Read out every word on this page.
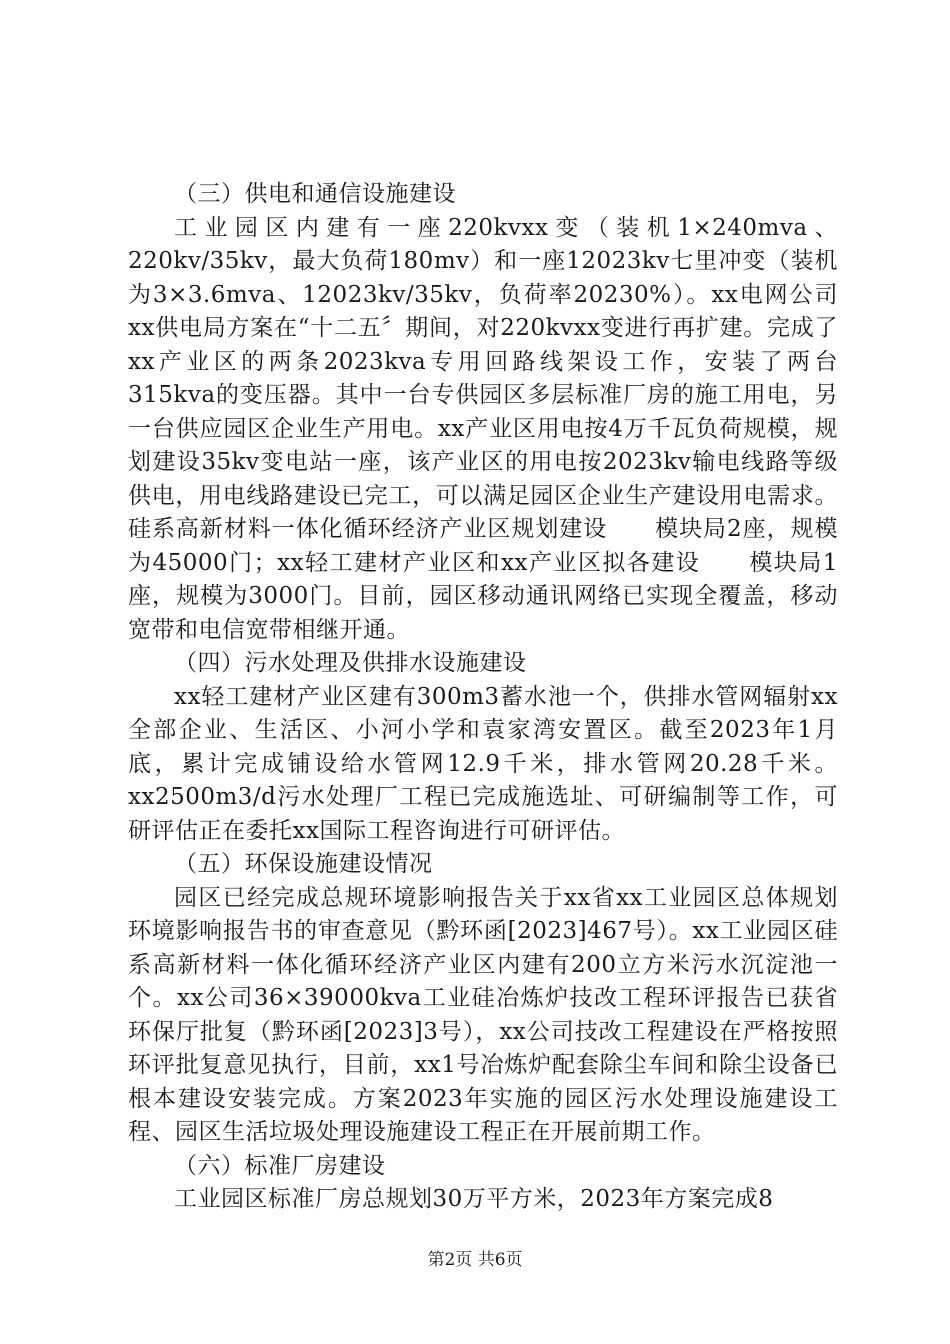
（三）供电和通信设施建设

工业园区内建有一座220kvxx变（装机1×240mva、220kv/35kv，最大负荷180mv）和一座12023kv七里冲变（装机为3×3.6mva、12023kv/35kv，负荷率20230%）。xx电网公司xx供电局方案在“十二五〞期间，对220kvxx变进行再扩建。完成了xx产业区的两条2023kva专用回路线架设工作，安装了两台315kva的变压器。其中一台专供园区多层标准厂房的施工用电，另一台供应园区企业生产用电。xx产业区用电按4万千瓦负荷规模，规划建设35kv变电站一座，该产业区的用电按2023kv输电线路等级供电，用电线路建设已完工，可以满足园区企业生产建设用电需求。硅系高新材料一体化循环经济产业区规划建设　　模块局2座，规模为45000门；xx轻工建材产业区和xx产业区拟各建设　　模块局1座，规模为3000门。目前，园区移动通讯网络已实现全覆盖，移动宽带和电信宽带相继开通。

（四）污水处理及供排水设施建设

xx轻工建材产业区建有300m3蓄水池一个，供排水管网辐射xx全部企业、生活区、小河小学和袁家湾安置区。截至2023年1月底，累计完成铺设给水管网12.9千米，排水管网20.28千米。xx2500m3/d污水处理厂工程已完成施选址、可研编制等工作，可研评估正在委托xx国际工程咨询进行可研评估。

（五）环保设施建设情况

园区已经完成总规环境影响报告关于xx省xx工业园区总体规划环境影响报告书的审查意见（黔环函[2023]467号）。xx工业园区硅系高新材料一体化循环经济产业区内建有200立方米污水沉淀池一个。xx公司36×39000kva工业硅冶炼炉技改工程环评报告已获省环保厅批复（黔环函[2023]3号），xx公司技改工程建设在严格按照环评批复意见执行，目前，xx1号冶炼炉配套除尘车间和除尘设备已根本建设安装完成。方案2023年实施的园区污水处理设施建设工程、园区生活垃圾处理设施建设工程正在开展前期工作。

（六）标准厂房建设

工业园区标准厂房总规划30万平方米，2023年方案完成8

第2页 共6页
